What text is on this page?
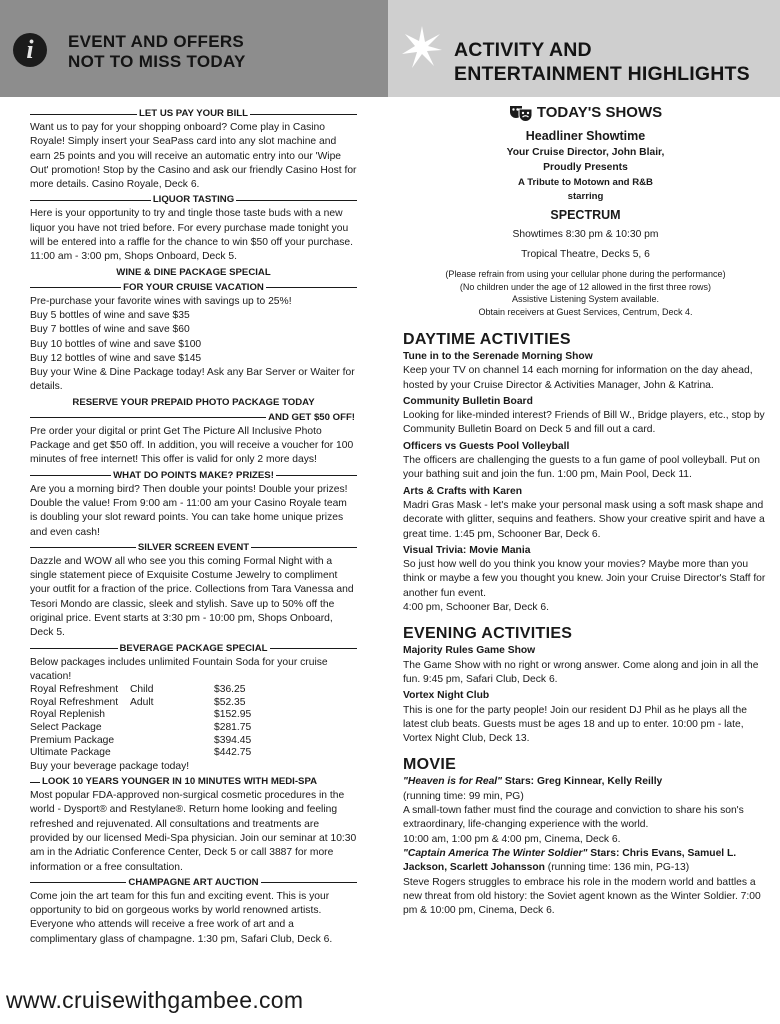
i	EVENT AND OFFERS
NOT TO MISS TODAY
ACTIVITY AND
ENTERTAINMENT HIGHLIGHTS
LET US PAY YOUR BILL

Want us to pay for your shopping onboard? Come play in Casino Royale! Simply insert your SeaPass card into any slot machine and earn 25 points and you will receive an automatic entry into our 'Wipe Out' promotion! Stop by the Casino and ask our friendly Casino Host for more details. Casino Royale, Deck 6.

LIQUOR TASTING

Here is your opportunity to try and tingle those taste buds with a new liquor you have not tried before. For every purchase made tonight you will be entered into a raffle for the chance to win $50 off your purchase. 11:00 am - 3:00 pm, Shops Onboard, Deck 5.

WINE & DINE PACKAGE SPECIAL
FOR YOUR CRUISE VACATION

Pre-purchase your favorite wines with savings up to 25%!

Buy 5 bottles of wine and save $35

Buy 7 bottles of wine and save $60

Buy 10 bottles of wine and save $100

Buy 12 bottles of wine and save $145

Buy your Wine & Dine Package today! Ask any Bar Server or Waiter for details.

RESERVE YOUR PREPAID PHOTO PACKAGE TODAY
AND GET $50 OFF!

Pre order your digital or print Get The Picture All Inclusive Photo Package and get $50 off. In addition, you will receive a voucher for 100 minutes of free internet! This offer is valid for only 2 more days!

WHAT DO POINTS MAKE? PRIZES!

Are you a morning bird? Then double your points! Double your prizes! Double the value! From 9:00 am - 11:00 am your Casino Royale team is doubling your slot reward points. You can take home unique prizes and even cash!

SILVER SCREEN EVENT

Dazzle and WOW all who see you this coming Formal Night with a single statement piece of Exquisite Costume Jewelry to compliment your outfit for a fraction of the price. Collections from Tara Vanessa and Tesori Mondo are classic, sleek and stylish. Save up to 50% off the original price. Event starts at 3:30 pm - 10:00 pm, Shops Onboard, Deck 5.

BEVERAGE PACKAGE SPECIAL

Below packages includes unlimited Fountain Soda for your cruise vacation!

Royal Refreshment	Child	$36.25
Royal Refreshment	Adult	$52.35
Royal Replenish		$152.95
Select Package		$281.75
Premium Package		$394.45
Ultimate Package		$442.75

Buy your beverage package today!

LOOK 10 YEARS YOUNGER IN 10 MINUTES WITH MEDI-SPA

Most popular FDA-approved non-surgical cosmetic procedures in the world - Dysport® and Restylane®. Return home looking and feeling refreshed and rejuvenated. All consultations and treatments are provided by our licensed Medi-Spa physician. Join our seminar at 10:30 am in the Adriatic Conference Center, Deck 5 or call 3887 for more information or a free consultation.

CHAMPAGNE ART AUCTION

Come join the art team for this fun and exciting event. This is your opportunity to bid on gorgeous works by world renowned artists. Everyone who attends will receive a free work of art and a complimentary glass of champagne. 1:30 pm, Safari Club, Deck 6.

TODAY'S SHOWS
Headliner Showtime
Your Cruise Director, John Blair,
Proudly Presents
A Tribute to Motown and R&B
starring
SPECTRUM
Showtimes 8:30 pm & 10:30 pm
Tropical Theatre, Decks 5, 6
(Please refrain from using your cellular phone during the performance)
(No children under the age of 12 allowed in the first three rows)
Assistive Listening System available.
Obtain receivers at Guest Services, Centrum, Deck 4.
DAYTIME ACTIVITIES

Tune in to the Serenade Morning Show

Keep your TV on channel 14 each morning for information on the day ahead, hosted by your Cruise Director & Activities Manager, John & Katrina.

Community Bulletin Board

Looking for like-minded interest? Friends of Bill W., Bridge players, etc., stop by Community Bulletin Board on Deck 5 and fill out a card.

Officers vs Guests Pool Volleyball

The officers are challenging the guests to a fun game of pool volleyball. Put on your bathing suit and join the fun. 1:00 pm, Main Pool, Deck 11.

Arts & Crafts with Karen

Madri Gras Mask - let's make your personal mask using a soft mask shape and decorate with glitter, sequins and feathers. Show your creative spirit and have a great time. 1:45 pm, Schooner Bar, Deck 6.

Visual Trivia: Movie Mania

So just how well do you think you know your movies? Maybe more than you think or maybe a few you thought you knew. Join your Cruise Director's Staff for another fun event.

4:00 pm, Schooner Bar, Deck 6.

EVENING ACTIVITIES

Majority Rules Game Show

The Game Show with no right or wrong answer. Come along and join in all the fun. 9:45 pm, Safari Club, Deck 6.

Vortex Night Club

This is one for the party people! Join our resident DJ Phil as he plays all the latest club beats. Guests must be ages 18 and up to enter. 10:00 pm - late, Vortex Night Club, Deck 13.

MOVIE

"Heaven is for Real" Stars: Greg Kinnear, Kelly Reilly

(running time: 99 min, PG)

A small-town father must find the courage and conviction to share his son's extraordinary, life-changing experience with the world.

10:00 am, 1:00 pm & 4:00 pm, Cinema, Deck 6.

"Captain America The Winter Soldier" Stars: Chris Evans, Samuel L. Jackson, Scarlett Johansson (running time: 136 min, PG-13)

Steve Rogers struggles to embrace his role in the modern world and battles a new threat from old history: the Soviet agent known as the Winter Soldier. 7:00 pm & 10:00 pm, Cinema, Deck 6.

www.cruisewithgambee.com
